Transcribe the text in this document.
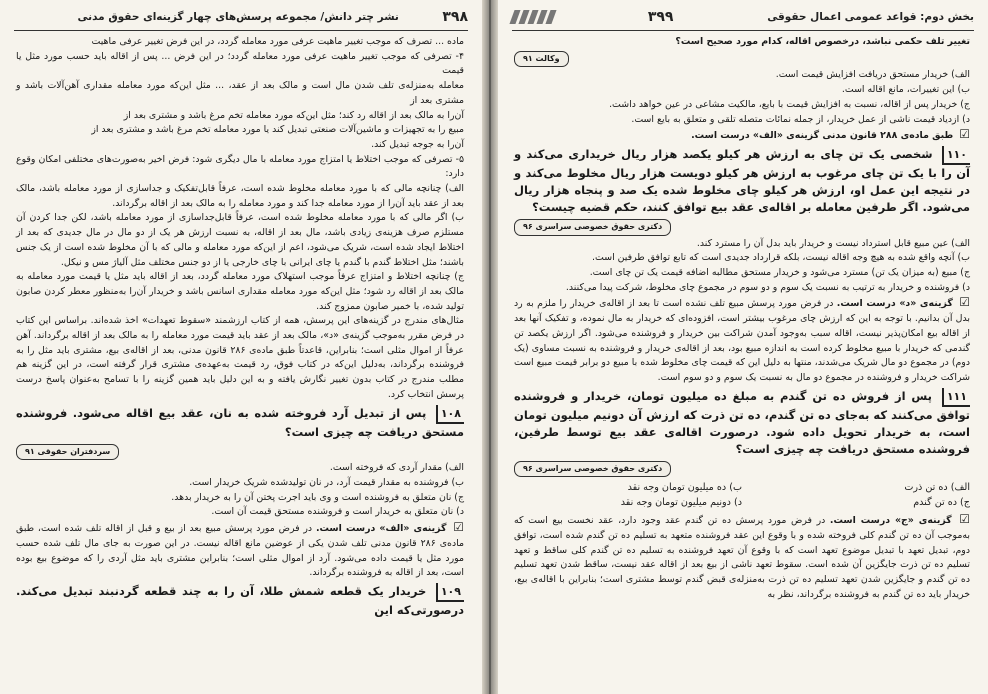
۳۹۸
نشر چتر دانش/ مجموعه پرسش‌های چهار گزینه‌ای حقوق مدنی

ماده ... تصرف که موجب تغییر ماهیت عرفی مورد معامله گردد، در این فرض تغییر عرفی ماهیت

۴- تصرفی که موجب تغییر ماهیت عرفی مورد معامله گردد؛ در این فرض ... پس از اقاله باید حسب مورد مثل یا قیمت

معامله به‌منزله‌ی تلف شدن مال است و مالک بعد از عقد، ... مثل این‌که مورد معامله مقداری آهن‌آلات باشد و مشتری بعد از

آن‌را به مالک بعد از اقاله رد کند؛ مثل این‌که مورد معامله تخم مرغ باشد و مشتری بعد از

مبیع را به تجهیزات و ماشین‌آلات صنعتی تبدیل کند یا مورد معامله تخم مرغ باشد و مشتری بعد از

آن‌را به جوجه تبدیل کند.

۵- تصرفی که موجب اختلاط یا امتزاج مورد معامله با مال دیگری شود: فرض اخیر به‌صورت‌های مختلفی امکان وقوع دارد:

الف) چنانچه مالی که با مورد معامله مخلوط شده است، عرفاً قابل‌تفکیک و جداسازی از مورد معامله باشد، مالک بعد از عقد باید آن‌را از مورد معامله جدا کند و مورد معامله را به مالک بعد از اقاله برگرداند.

ب) اگر مالی که با مورد معامله مخلوط شده است، عرفاً قابل‌جداسازی از مورد معامله باشد، لکن جدا کردن آن مستلزم صرف هزینه‌ی زیادی باشد، مال بعد از اقاله، به نسبت ارزش هر یک از دو مال در مال جدیدی که بعد از اختلاط ایجاد شده است، شریک می‌شود، اعم از این‌که مورد معامله و مالی که با آن مخلوط شده است از یک جنس باشند؛ مثل اختلاط گندم با گندم یا چای ایرانی با چای خارجی یا از دو جنس مختلف مثل آلیاژ مس و نیکل.

ج) چنانچه اختلاط و امتزاج عرفاً موجب استهلاک مورد معامله گردد، بعد از اقاله باید مثل یا قیمت مورد معامله به مالک بعد از اقاله رد شود؛ مثل این‌که مورد معامله مقداری اسانس باشد و خریدار آن‌را به‌منظور معطر کردن صابون تولید شده، با خمیر صابون ممزوج کند.

مثال‌های مندرج در گزینه‌های این پرسش، همه از کتاب ارزشمند «سقوط تعهدات» اخذ شده‌اند. براساس این کتاب در فرض مقرر به‌موجب گزینه‌ی «د»، مالک بعد از عقد باید قیمت مورد معامله را به مالک بعد از اقاله برگرداند. آهن عرفاً از اموال مثلی است؛ بنابراین، قاعدتاً طبق ماده‌ی ۲۸۶ قانون مدنی، بعد از اقاله‌ی بیع، مشتری باید مثل را به فروشنده برگرداند، به‌دلیل این‌که در کتاب فوق، رد قیمت به‌عهده‌ی مشتری قرار گرفته است، در این گزینه هم مطلب مندرج در کتاب بدون تغییر نگارش یافته و به این دلیل باید همین گزینه را با تسامح به‌عنوان پاسخ درست پرسش انتخاب کرد.

۱۰۸ پس از تبدیل آرد فروخته شده به نان، عقد بیع اقاله می‌شود. فروشنده مستحق دریافت چه چیزی است؟

سردفتران حقوقی ۹۱

الف) مقدار آردی که فروخته است.

ب) فروشنده به مقدار قیمت آرد، در نان تولیدشده شریک خریدار است.

ج) نان متعلق به فروشنده است و وی باید اجرت پختن آن را به خریدار بدهد.

د) نان متعلق به خریدار است و فروشنده مستحق قیمت آن است.

☑ گزینه‌ی «الف» درست است. در فرض مورد پرسش مبیع بعد از بیع و قبل از اقاله تلف شده است، طبق ماده‌ی ۲۸۶ قانون مدنی تلف شدن یکی از عوضین مانع اقاله نیست. در این صورت به جای مال تلف شده حسب مورد مثل یا قیمت داده می‌شود. آرد از اموال مثلی است؛ بنابراین مشتری باید مثل آردی را که موضوع بیع بوده است، بعد از اقاله به فروشنده برگرداند.

۱۰۹ خریدار یک قطعه شمش طلا، آن را به چند قطعه گردنبند تبدیل می‌کند. درصورتی‌که این

بخش دوم: قواعد عمومی اعمال حقوقی
۳۹۹

تغییر تلف حکمی نباشد، درخصوص اقاله، کدام مورد صحیح است؟

وکالت ۹۱

الف) خریدار مستحق دریافت افزایش قیمت است.

ب) این تغییرات، مانع اقاله است.

ج) خریدار پس از اقاله، نسبت به افزایش قیمت با بایع، مالکیت مشاعی در عین خواهد داشت.

د) ازدیاد قیمت ناشی از عمل خریدار، از جمله نمائات متصله تلقی و متعلق به بایع است.

☑ طبق ماده‌ی ۲۸۸ قانون مدنی گزینه‌ی «الف» درست است.

۱۱۰ شخصی یک تن چای به ارزش هر کیلو یکصد هزار ریال خریداری می‌کند و آن را با یک تن چای مرغوب به ارزش هر کیلو دویست هزار ریال مخلوط می‌کند و در نتیجه این عمل او، ارزش هر کیلو چای مخلوط شده یک صد و پنجاه هزار ریال می‌شود. اگر طرفین معامله بر اقاله‌ی عقد بیع توافق کنند، حکم قضیه چیست؟

دکتری حقوق خصوصی سراسری ۹۶

الف) عین مبیع قابل استرداد نیست و خریدار باید بدل آن را مسترد کند.

ب) آنچه واقع شده به هیچ وجه اقاله نیست، بلکه قرارداد جدیدی است که تابع توافق طرفین است.

ج) مبیع (به میزان یک تن) مسترد می‌شود و خریدار مستحق مطالبه اضافه قیمت یک تن چای است.

د) فروشنده و خریدار به ترتیب به نسبت یک سوم و دو سوم در مجموع چای مخلوط، شرکت پیدا می‌کنند.

☑ گزینه‌ی «د» درست است. در فرض مورد پرسش مبیع تلف نشده است تا بعد از اقاله‌ی خریدار را ملزم به رد بدل آن بدانیم. با توجه به این که ارزش چای مرغوب بیشتر است، افزوده‌ای که خریدار به مال نموده، و تفکیک آنها بعد از اقاله بیع امکان‌پذیر نیست، اقاله سبب به‌وجود آمدن شراکت بین خریدار و فروشنده می‌شود. اگر ارزش یکصد تن گندمی که خریدار با مبیع مخلوط کرده است به اندازه مبیع بود، بعد از اقاله‌ی خریدار و فروشنده به نسبت مساوی (یک دوم) در مجموع دو مال شریک می‌شدند، منتها به دلیل این که قیمت چای مخلوط شده با مبیع دو برابر قیمت مبیع است شراکت خریدار و فروشنده در مجموع دو مال به نسبت یک سوم و دو سوم است.

۱۱۱ پس از فروش ده تن گندم به مبلغ ده میلیون تومان، خریدار و فروشنده توافق می‌کنند که به‌جای ده تن گندم، ده تن ذرت که ارزش آن دونیم میلیون تومان است، به خریدار تحویل داده شود. درصورت اقاله‌ی عقد بیع توسط طرفین، فروشنده مستحق دریافت چه چیزی است؟

دکتری حقوق خصوصی سراسری ۹۶
الف) ده تن ذرت
ب) ده میلیون تومان وجه نقد
ج) ده تن گندم
د) دونیم میلیون تومان وجه نقد

☑ گزینه‌ی «ج» درست است. در فرض مورد پرسش ده تن گندم عقد وجود دارد، عقد نخست بیع است که به‌موجب آن ده تن گندم کلی فروخته شده و با وقوع این عقد فروشنده متعهد به تسلیم ده تن گندم شده است، توافق دوم، تبدیل تعهد با تبدیل موضوع تعهد است که با وقوع آن تعهد فروشنده به تسلیم ده تن گندم کلی ساقط و تعهد تسلیم ده تن ذرت جایگزین آن شده است. سقوط تعهد ناشی از بیع بعد از اقاله عقد نیست، ساقط شدن تعهد تسلیم ده تن گندم و جایگزین شدن تعهد تسلیم ده تن ذرت به‌منزله‌ی قبض گندم توسط مشتری است؛ بنابراین با اقاله‌ی بیع، خریدار باید ده تن گندم به فروشنده برگرداند، نظر به
